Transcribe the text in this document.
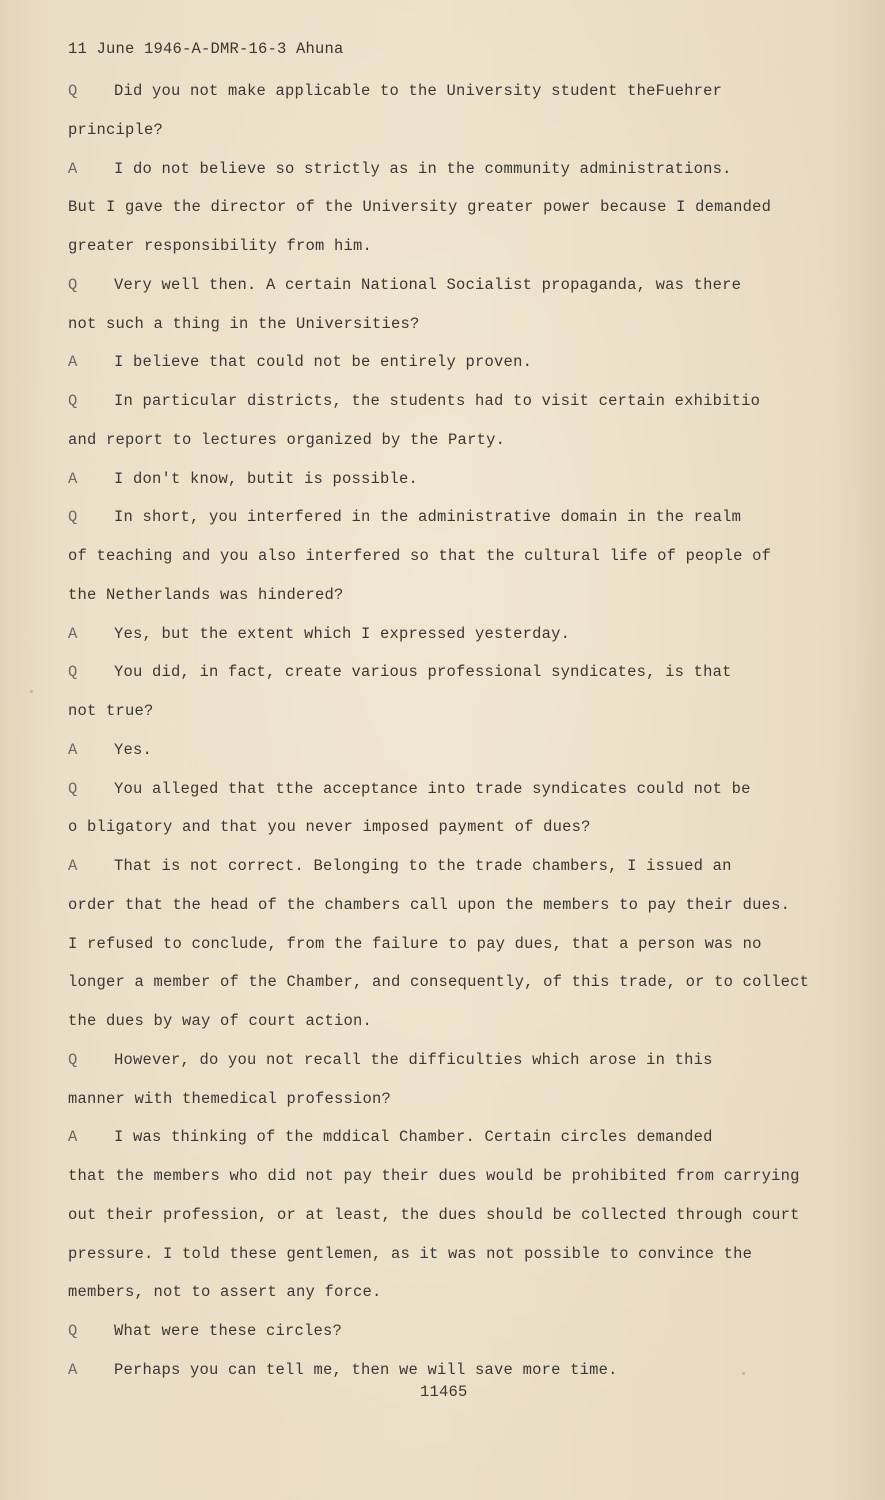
11 June 1946-A-DMR-16-3 Ahuna
Q Did you not make applicable to the University student theFuehrer
principle?
A I do not believe so strictly as in the community administrations.
But I gave the director of the University greater power because I demanded
greater responsibility from him.
Q Very well then. A certain National Socialist propaganda, was there
not such a thing in the Universities?
A I believe that could not be entirely proven.
Q In particular districts, the students had to visit certain exhibitio
and report to lectures organized by the Party.
A I don't know, butit is possible.
Q In short, you interfered in the administrative domain in the realm
of teaching and you also interfered so that the cultural life of people of
the Netherlands was hindered?
A Yes, but the extent which I expressed yesterday.
Q You did, in fact, create various professional syndicates, is that
not true?
A Yes.
Q You alleged that tthe acceptance into trade syndicates could not be
o bligatory and that you never imposed payment of dues?
A That is not correct. Belonging to the trade chambers, I issued an
order that the head of the chambers call upon the members to pay their dues.
I refused to conclude, from the failure to pay dues, that a person was no
longer a member of the Chamber, and consequently, of this trade, or to collect
the dues by way of court action.
Q However, do you not recall the difficulties which arose in this
manner with themedical profession?
A I was thinking of the mddical Chamber. Certain circles demanded
that the members who did not pay their dues would be prohibited from carrying
out their profession, or at least, the dues should be collected through court
pressure. I told these gentlemen, as it was not possible to convince the
members, not to assert any force.
Q What were these circles?
A Perhaps you can tell me, then we will save more time.
11465
